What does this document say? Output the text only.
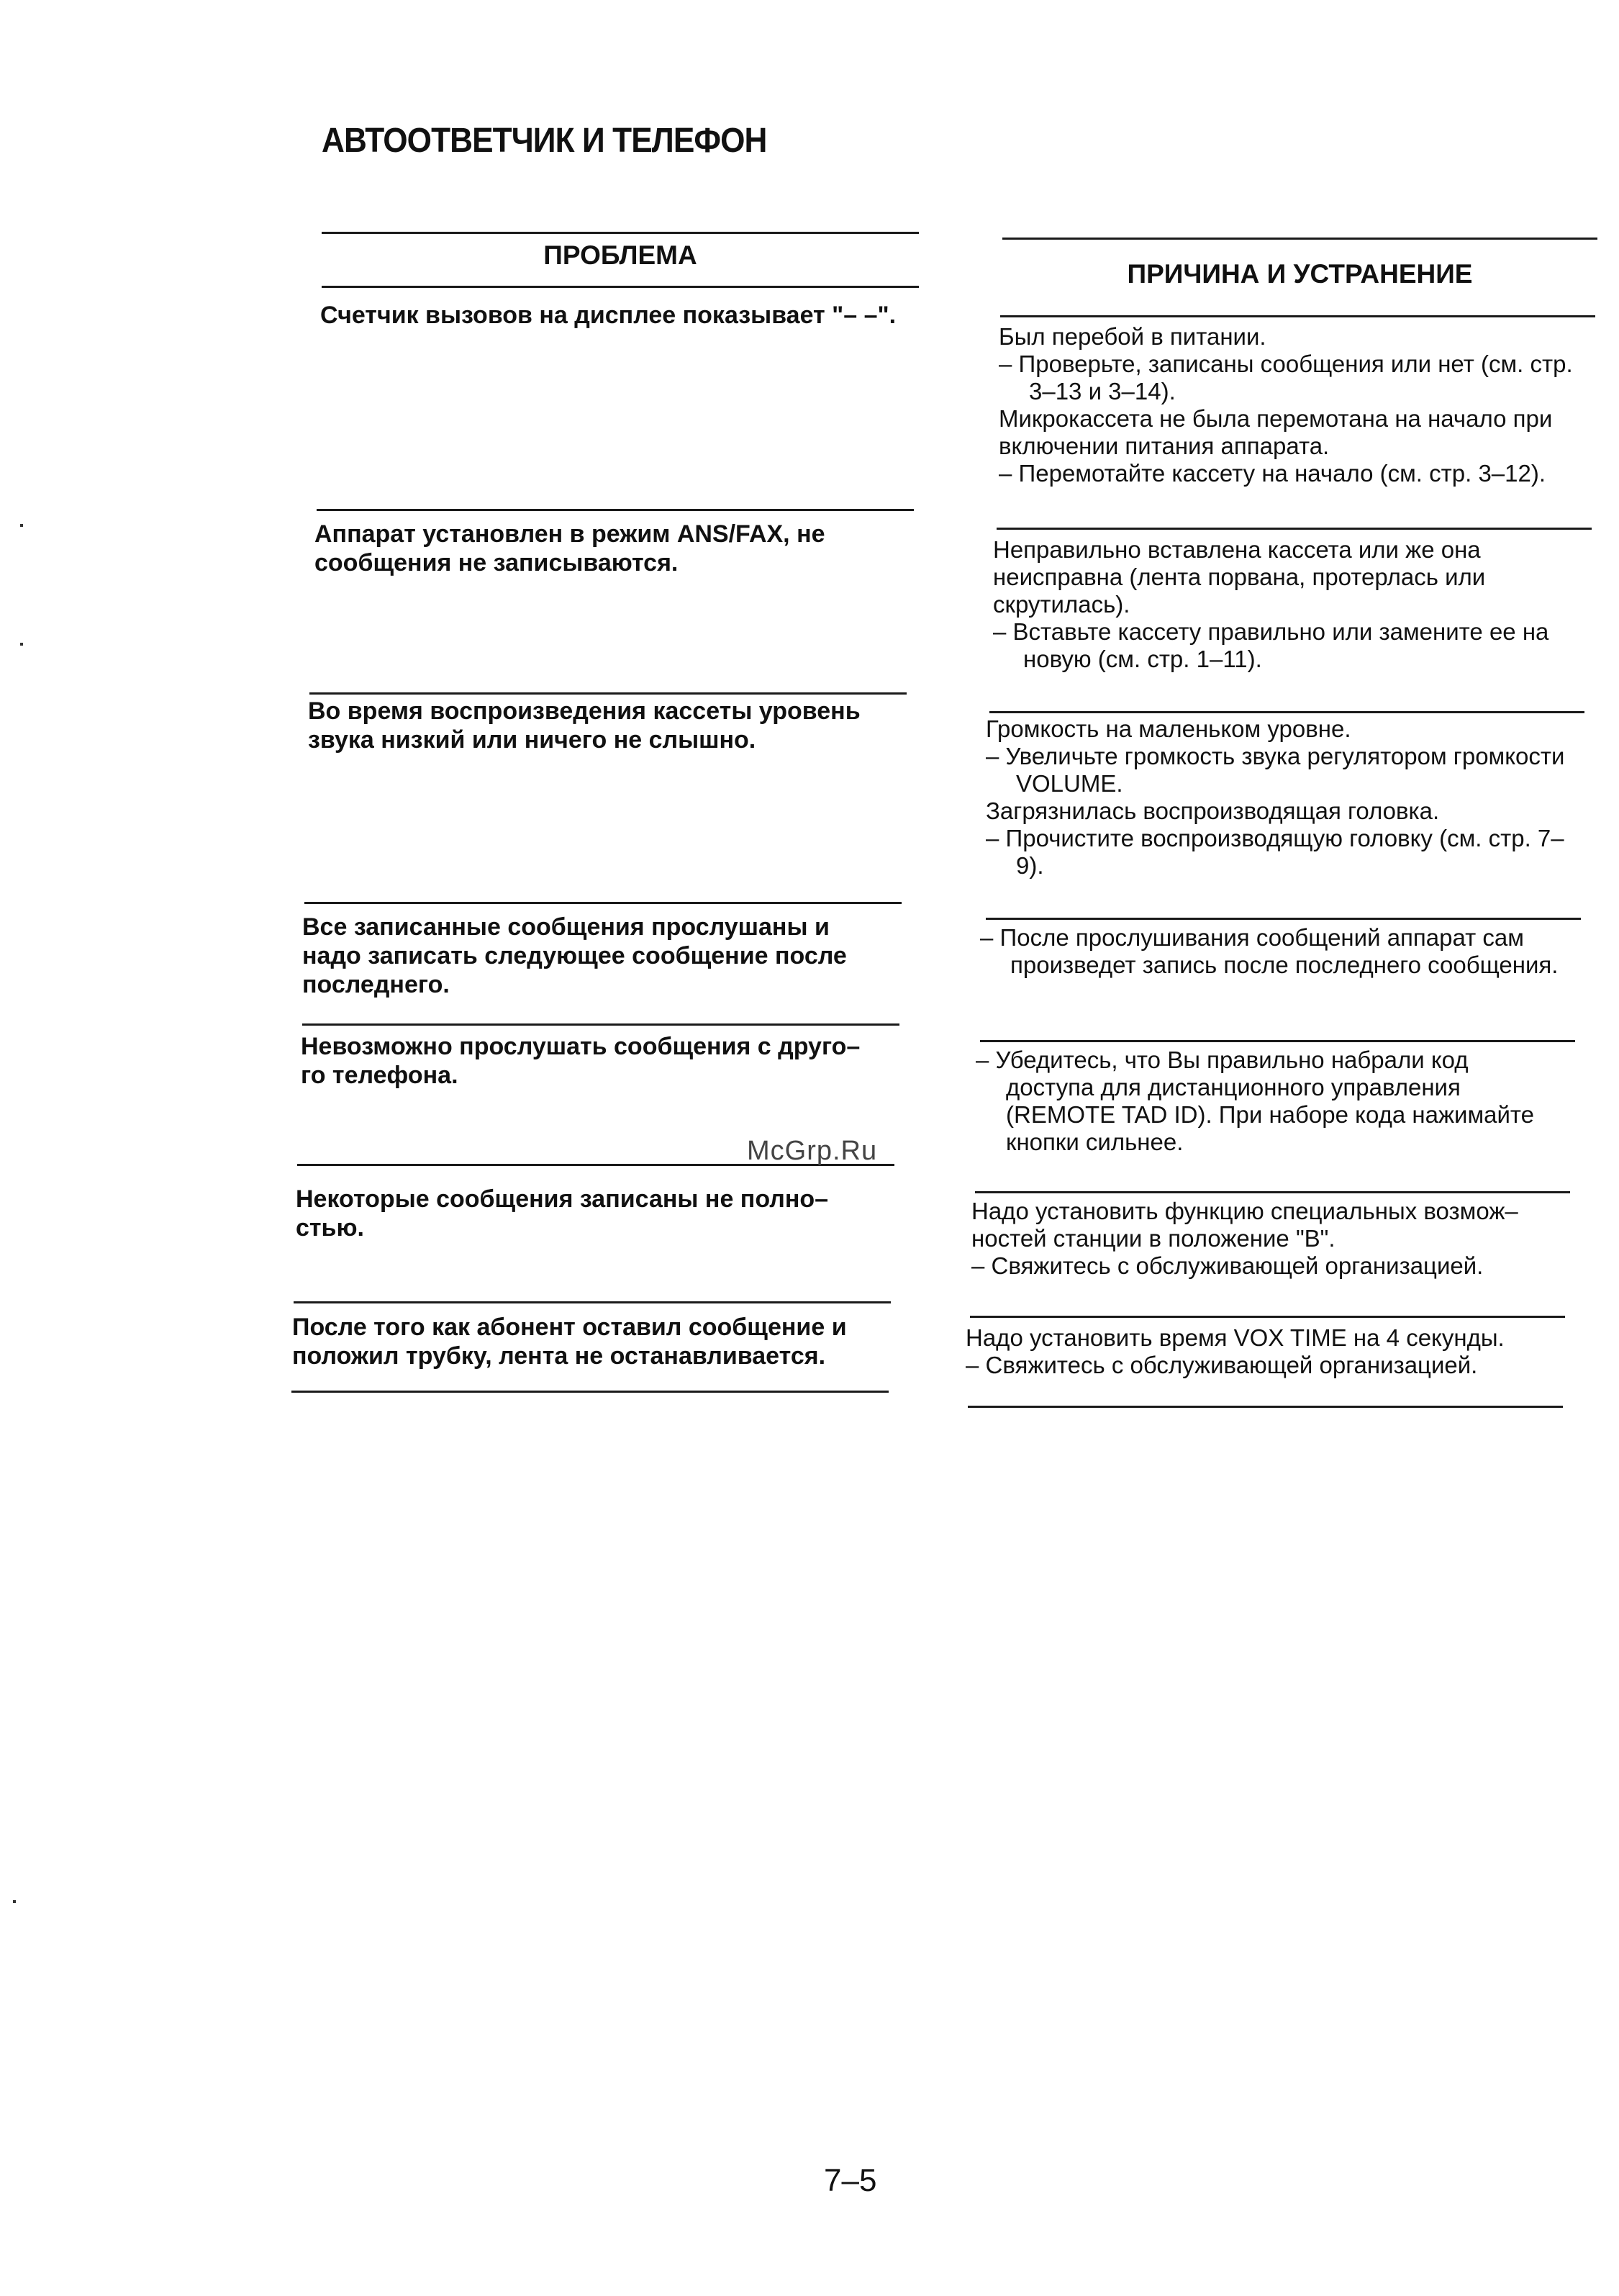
АВТООТВЕТЧИК И ТЕЛЕФОН
ПРОБЛЕМА
ПРИЧИНА И УСТРАНЕНИЕ
Счетчик вызовов на дисплее показывает "– –".
Аппарат установлен в режим ANS/FAX, не
сообщения не записываются.
Во время воспроизведения кассеты уровень
звука низкий или ничего не слышно.
Все записанные сообщения прослушаны и
надо записать следующее сообщение после
последнего.
Невозможно прослушать сообщения с друго–
го телефона.
Некоторые сообщения записаны не полно–
стью.
После того как абонент оставил сообщение и
положил трубку, лента не останавливается.
Был перебой в питании.
– Проверьте, записаны сообщения или нет (см. стр. 3–13 и 3–14).
Микрокассета не была перемотана на начало при включении питания аппарата.
– Перемотайте кассету на начало (см. стр. 3–12).
Неправильно вставлена кассета или же она неисправна (лента порвана, протерлась или скрутилась).
– Вставьте кассету правильно или замените ее на новую (см. стр. 1–11).
Громкость на маленьком уровне.
– Увеличьте громкость звука регулятором громкости VOLUME.
Загрязнилась воспроизводящая головка.
– Прочистите воспроизводящую головку (см. стр. 7–9).
– После прослушивания сообщений аппарат сам произведет запись после последнего сообщения.
– Убедитесь, что Вы правильно набрали код доступа для дистанционного управления (REMOTE TAD ID). При наборе кода нажимайте кнопки сильнее.
Надо установить функцию специальных возмож–ностей станции в положение "B".
– Свяжитесь с обслуживающей организацией.
Надо установить время VOX TIME на 4 секунды.
– Свяжитесь с обслуживающей организацией.
McGrp.Ru
7–5
